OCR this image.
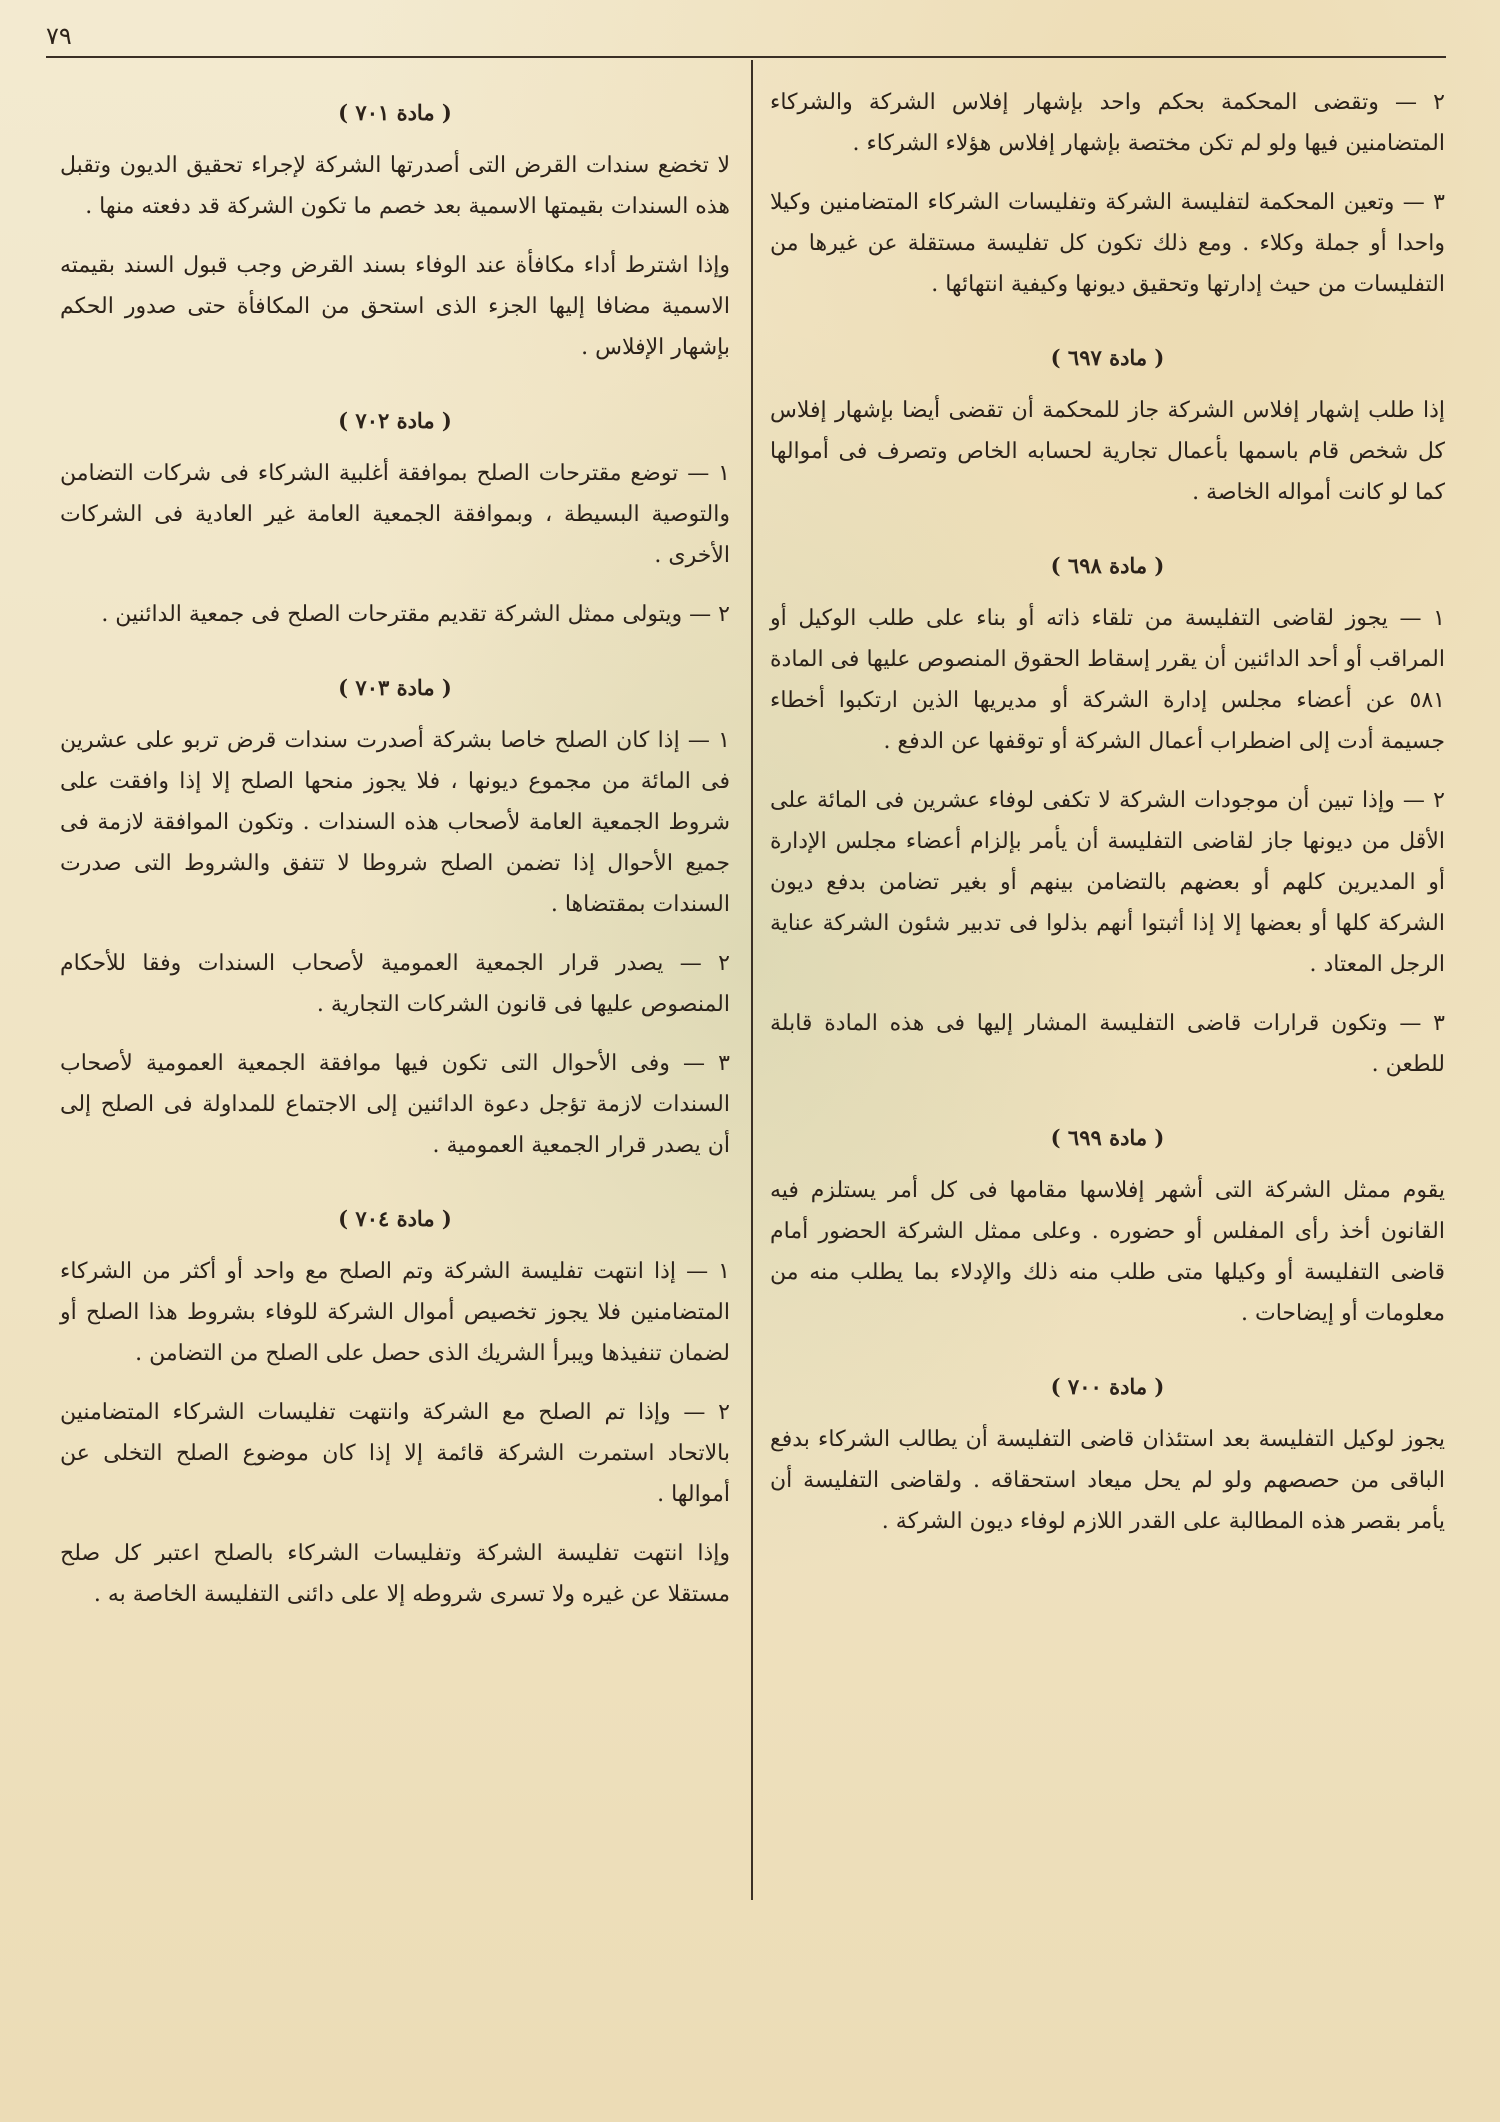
٧٩

٢ — وتقضى المحكمة بحكم واحد بإشهار إفلاس الشركة والشركاء المتضامنين فيها ولو لم تكن مختصة بإشهار إفلاس هؤلاء الشركاء .

٣ — وتعين المحكمة لتفليسة الشركة وتفليسات الشركاء المتضامنين وكيلا واحدا أو جملة وكلاء . ومع ذلك تكون كل تفليسة مستقلة عن غيرها من التفليسات من حيث إدارتها وتحقيق ديونها وكيفية انتهائها .

( مادة ٦٩٧ )

إذا طلب إشهار إفلاس الشركة جاز للمحكمة أن تقضى أيضا بإشهار إفلاس كل شخص قام باسمها بأعمال تجارية لحسابه الخاص وتصرف فى أموالها كما لو كانت أمواله الخاصة .

( مادة ٦٩٨ )

١ — يجوز لقاضى التفليسة من تلقاء ذاته أو بناء على طلب الوكيل أو المراقب أو أحد الدائنين أن يقرر إسقاط الحقوق المنصوص عليها فى المادة ٥٨١ عن أعضاء مجلس إدارة الشركة أو مديريها الذين ارتكبوا أخطاء جسيمة أدت إلى اضطراب أعمال الشركة أو توقفها عن الدفع .

٢ — وإذا تبين أن موجودات الشركة لا تكفى لوفاء عشرين فى المائة على الأقل من ديونها جاز لقاضى التفليسة أن يأمر بإلزام أعضاء مجلس الإدارة أو المديرين كلهم أو بعضهم بالتضامن بينهم أو بغير تضامن بدفع ديون الشركة كلها أو بعضها إلا إذا أثبتوا أنهم بذلوا فى تدبير شئون الشركة عناية الرجل المعتاد .

٣ — وتكون قرارات قاضى التفليسة المشار إليها فى هذه المادة قابلة للطعن .

( مادة ٦٩٩ )

يقوم ممثل الشركة التى أشهر إفلاسها مقامها فى كل أمر يستلزم فيه القانون أخذ رأى المفلس أو حضوره . وعلى ممثل الشركة الحضور أمام قاضى التفليسة أو وكيلها متى طلب منه ذلك والإدلاء بما يطلب منه من معلومات أو إيضاحات .

( مادة ٧٠٠ )

يجوز لوكيل التفليسة بعد استئذان قاضى التفليسة أن يطالب الشركاء بدفع الباقى من حصصهم ولو لم يحل ميعاد استحقاقه . ولقاضى التفليسة أن يأمر بقصر هذه المطالبة على القدر اللازم لوفاء ديون الشركة .

( مادة ٧٠١ )

لا تخضع سندات القرض التى أصدرتها الشركة لإجراء تحقيق الديون وتقبل هذه السندات بقيمتها الاسمية بعد خصم ما تكون الشركة قد دفعته منها .

وإذا اشترط أداء مكافأة عند الوفاء بسند القرض وجب قبول السند بقيمته الاسمية مضافا إليها الجزء الذى استحق من المكافأة حتى صدور الحكم بإشهار الإفلاس .

( مادة ٧٠٢ )

١ — توضع مقترحات الصلح بموافقة أغلبية الشركاء فى شركات التضامن والتوصية البسيطة ، وبموافقة الجمعية العامة غير العادية فى الشركات الأخرى .

٢ — ويتولى ممثل الشركة تقديم مقترحات الصلح فى جمعية الدائنين .

( مادة ٧٠٣ )

١ — إذا كان الصلح خاصا بشركة أصدرت سندات قرض تربو على عشرين فى المائة من مجموع ديونها ، فلا يجوز منحها الصلح إلا إذا وافقت على شروط الجمعية العامة لأصحاب هذه السندات . وتكون الموافقة لازمة فى جميع الأحوال إذا تضمن الصلح شروطا لا تتفق والشروط التى صدرت السندات بمقتضاها .

٢ — يصدر قرار الجمعية العمومية لأصحاب السندات وفقا للأحكام المنصوص عليها فى قانون الشركات التجارية .

٣ — وفى الأحوال التى تكون فيها موافقة الجمعية العمومية لأصحاب السندات لازمة تؤجل دعوة الدائنين إلى الاجتماع للمداولة فى الصلح إلى أن يصدر قرار الجمعية العمومية .

( مادة ٧٠٤ )

١ — إذا انتهت تفليسة الشركة وتم الصلح مع واحد أو أكثر من الشركاء المتضامنين فلا يجوز تخصيص أموال الشركة للوفاء بشروط هذا الصلح أو لضمان تنفيذها ويبرأ الشريك الذى حصل على الصلح من التضامن .

٢ — وإذا تم الصلح مع الشركة وانتهت تفليسات الشركاء المتضامنين بالاتحاد استمرت الشركة قائمة إلا إذا كان موضوع الصلح التخلى عن أموالها .

وإذا انتهت تفليسة الشركة وتفليسات الشركاء بالصلح اعتبر كل صلح مستقلا عن غيره ولا تسرى شروطه إلا على دائنى التفليسة الخاصة به .
